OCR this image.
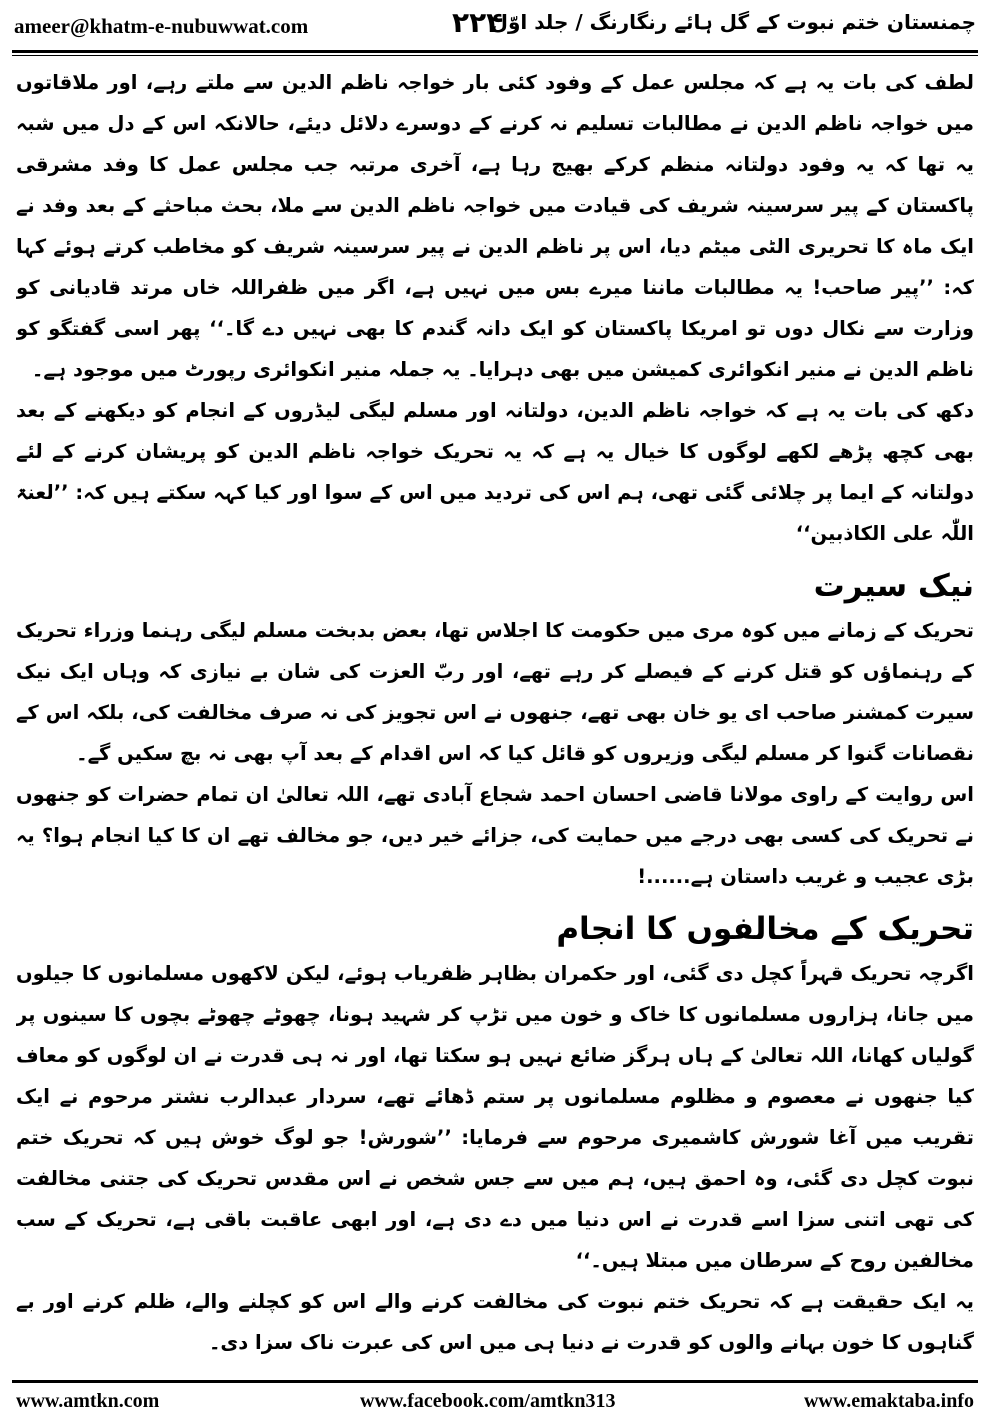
ameer@khatm-e-nubuwwat.com	۲۲۴
چمنستان ختم نبوت کے گل ہائے رنگارنگ / جلد اوّل

لطف کی بات یہ ہے کہ مجلس عمل کے وفود کئی بار خواجہ ناظم الدین سے ملتے رہے، اور ملاقاتوں میں خواجہ ناظم الدین نے مطالبات تسلیم نہ کرنے کے دوسرے دلائل دیئے، حالانکہ اس کے دل میں شبہ یہ تھا کہ یہ وفود دولتانہ منظم کرکے بھیج رہا ہے، آخری مرتبہ جب مجلس عمل کا وفد مشرقی پاکستان کے پیر سرسینہ شریف کی قیادت میں خواجہ ناظم الدین سے ملا، بحث مباحثے کے بعد وفد نے ایک ماہ کا تحریری الٹی میٹم دیا، اس پر ناظم الدین نے پیر سرسینہ شریف کو مخاطب کرتے ہوئے کہا کہ: ’’پیر صاحب! یہ مطالبات ماننا میرے بس میں نہیں ہے، اگر میں ظفراللہ خاں مرتد قادیانی کو وزارت سے نکال دوں تو امریکا پاکستان کو ایک دانہ گندم کا بھی نہیں دے گا۔‘‘ پھر اسی گفتگو کو ناظم الدین نے منیر انکوائری کمیشن میں بھی دہرایا۔ یہ جملہ منیر انکوائری رپورٹ میں موجود ہے۔

دکھ کی بات یہ ہے کہ خواجہ ناظم الدین، دولتانہ اور مسلم لیگی لیڈروں کے انجام کو دیکھنے کے بعد بھی کچھ پڑھے لکھے لوگوں کا خیال یہ ہے کہ یہ تحریک خواجہ ناظم الدین کو پریشان کرنے کے لئے دولتانہ کے ایما پر چلائی گئی تھی، ہم اس کی تردید میں اس کے سوا اور کیا کہہ سکتے ہیں کہ: ’’لعنۃ اللّٰہ علی الکاذبین‘‘

نیک سیرت

تحریک کے زمانے میں کوہ مری میں حکومت کا اجلاس تھا، بعض بدبخت مسلم لیگی رہنما وزراء تحریک کے رہنماؤں کو قتل کرنے کے فیصلے کر رہے تھے، اور ربّ العزت کی شان بے نیازی کہ وہاں ایک نیک سیرت کمشنر صاحب ای یو خان بھی تھے، جنھوں نے اس تجویز کی نہ صرف مخالفت کی، بلکہ اس کے نقصانات گنوا کر مسلم لیگی وزیروں کو قائل کیا کہ اس اقدام کے بعد آپ بھی نہ بچ سکیں گے۔

اس روایت کے راوی مولانا قاضی احسان احمد شجاع آبادی تھے، اللہ تعالیٰ ان تمام حضرات کو جنھوں نے تحریک کی کسی بھی درجے میں حمایت کی، جزائے خیر دیں، جو مخالف تھے ان کا کیا انجام ہوا؟ یہ بڑی عجیب و غریب داستان ہے......!

تحریک کے مخالفوں کا انجام

اگرچہ تحریک قہراً کچل دی گئی، اور حکمران بظاہر ظفریاب ہوئے، لیکن لاکھوں مسلمانوں کا جیلوں میں جانا، ہزاروں مسلمانوں کا خاک و خون میں تڑپ کر شہید ہونا، چھوٹے چھوٹے بچوں کا سینوں پر گولیاں کھانا، اللہ تعالیٰ کے ہاں ہرگز ضائع نہیں ہو سکتا تھا، اور نہ ہی قدرت نے ان لوگوں کو معاف کیا جنھوں نے معصوم و مظلوم مسلمانوں پر ستم ڈھائے تھے، سردار عبدالرب نشتر مرحوم نے ایک تقریب میں آغا شورش کاشمیری مرحوم سے فرمایا: ’’شورش! جو لوگ خوش ہیں کہ تحریک ختم نبوت کچل دی گئی، وہ احمق ہیں، ہم میں سے جس شخص نے اس مقدس تحریک کی جتنی مخالفت کی تھی اتنی سزا اسے قدرت نے اس دنیا میں دے دی ہے، اور ابھی عاقبت باقی ہے، تحریک کے سب مخالفین روح کے سرطان میں مبتلا ہیں۔‘‘

یہ ایک حقیقت ہے کہ تحریک ختم نبوت کی مخالفت کرنے والے اس کو کچلنے والے، ظلم کرنے اور بے گناہوں کا خون بہانے والوں کو قدرت نے دنیا ہی میں اس کی عبرت ناک سزا دی۔

www.amtkn.com	www.facebook.com/amtkn313	www.emaktaba.info
